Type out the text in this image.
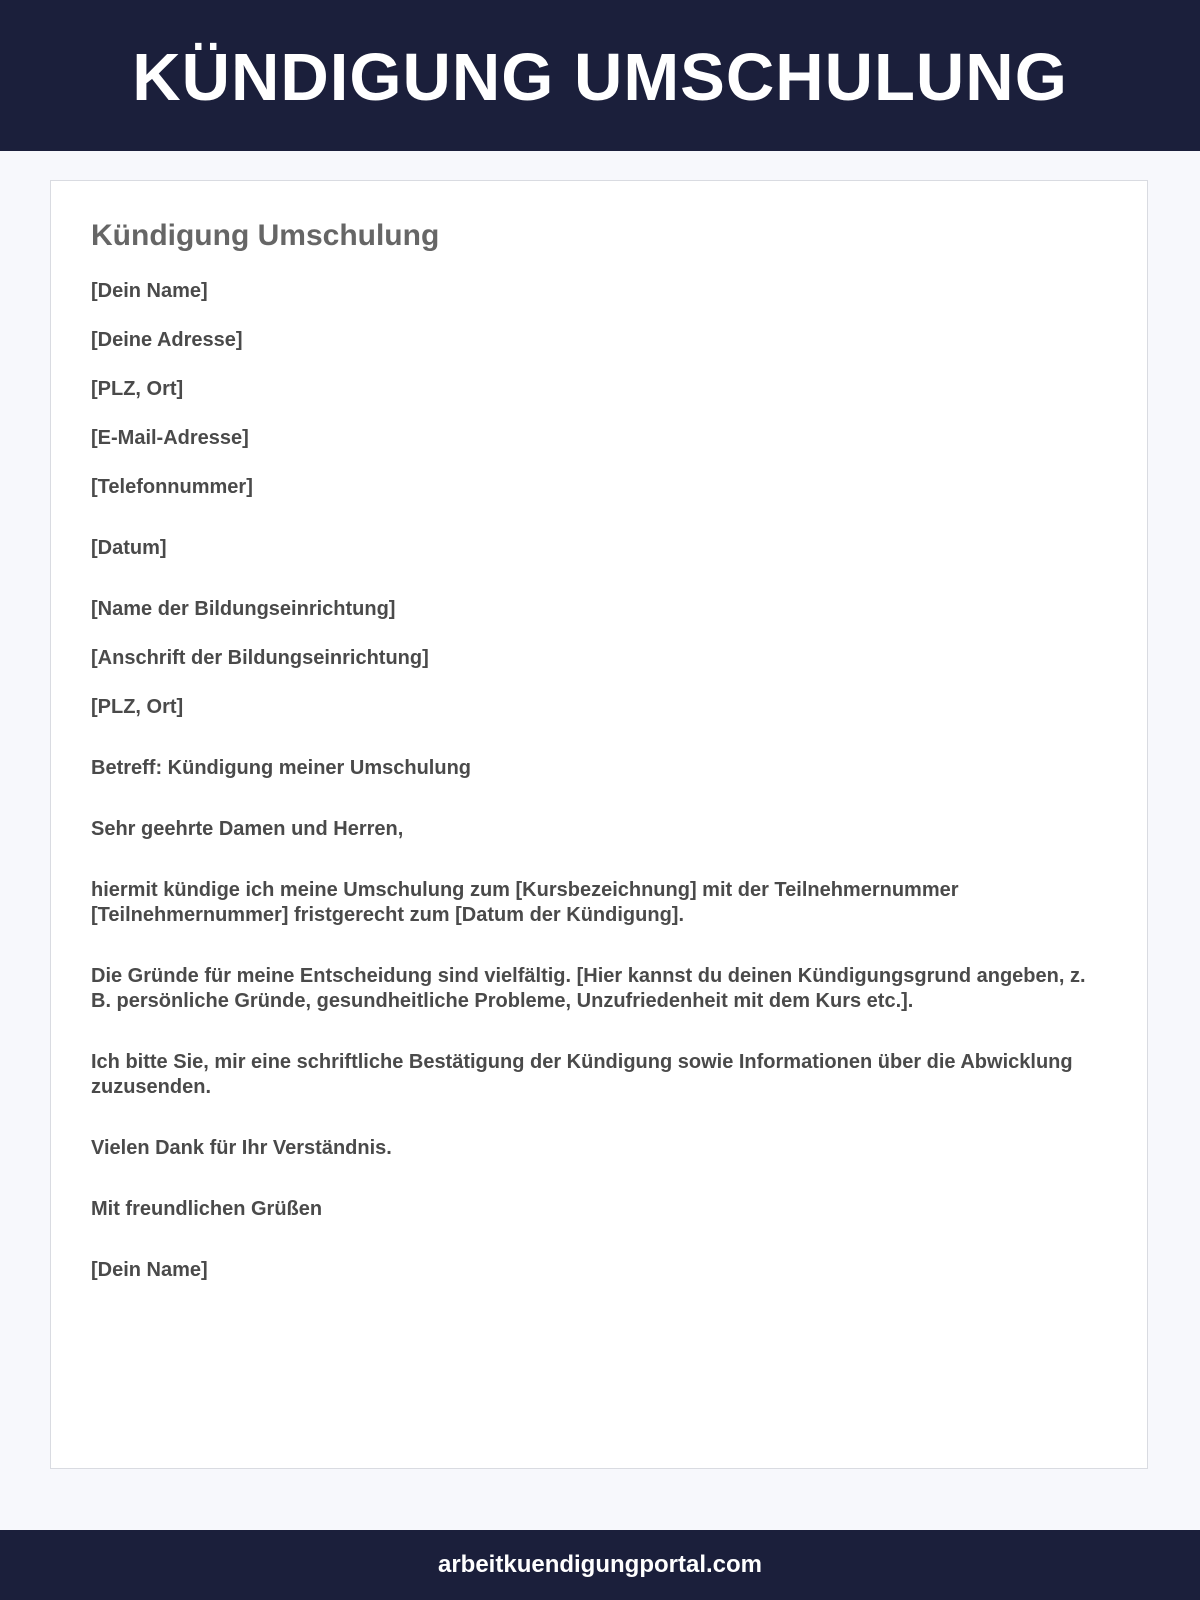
KÜNDIGUNG UMSCHULUNG
Kündigung Umschulung

[Dein Name]

[Deine Adresse]

[PLZ, Ort]

[E-Mail-Adresse]

[Telefonnummer]

[Datum]

[Name der Bildungseinrichtung]

[Anschrift der Bildungseinrichtung]

[PLZ, Ort]

Betreff: Kündigung meiner Umschulung

Sehr geehrte Damen und Herren,

hiermit kündige ich meine Umschulung zum [Kursbezeichnung] mit der Teilnehmernummer [Teilnehmernummer] fristgerecht zum [Datum der Kündigung].

Die Gründe für meine Entscheidung sind vielfältig. [Hier kannst du deinen Kündigungsgrund angeben, z. B. persönliche Gründe, gesundheitliche Probleme, Unzufriedenheit mit dem Kurs etc.].

Ich bitte Sie, mir eine schriftliche Bestätigung der Kündigung sowie Informationen über die Abwicklung zuzusenden.

Vielen Dank für Ihr Verständnis.

Mit freundlichen Grüßen

[Dein Name]

arbeitkuendigungportal.com
